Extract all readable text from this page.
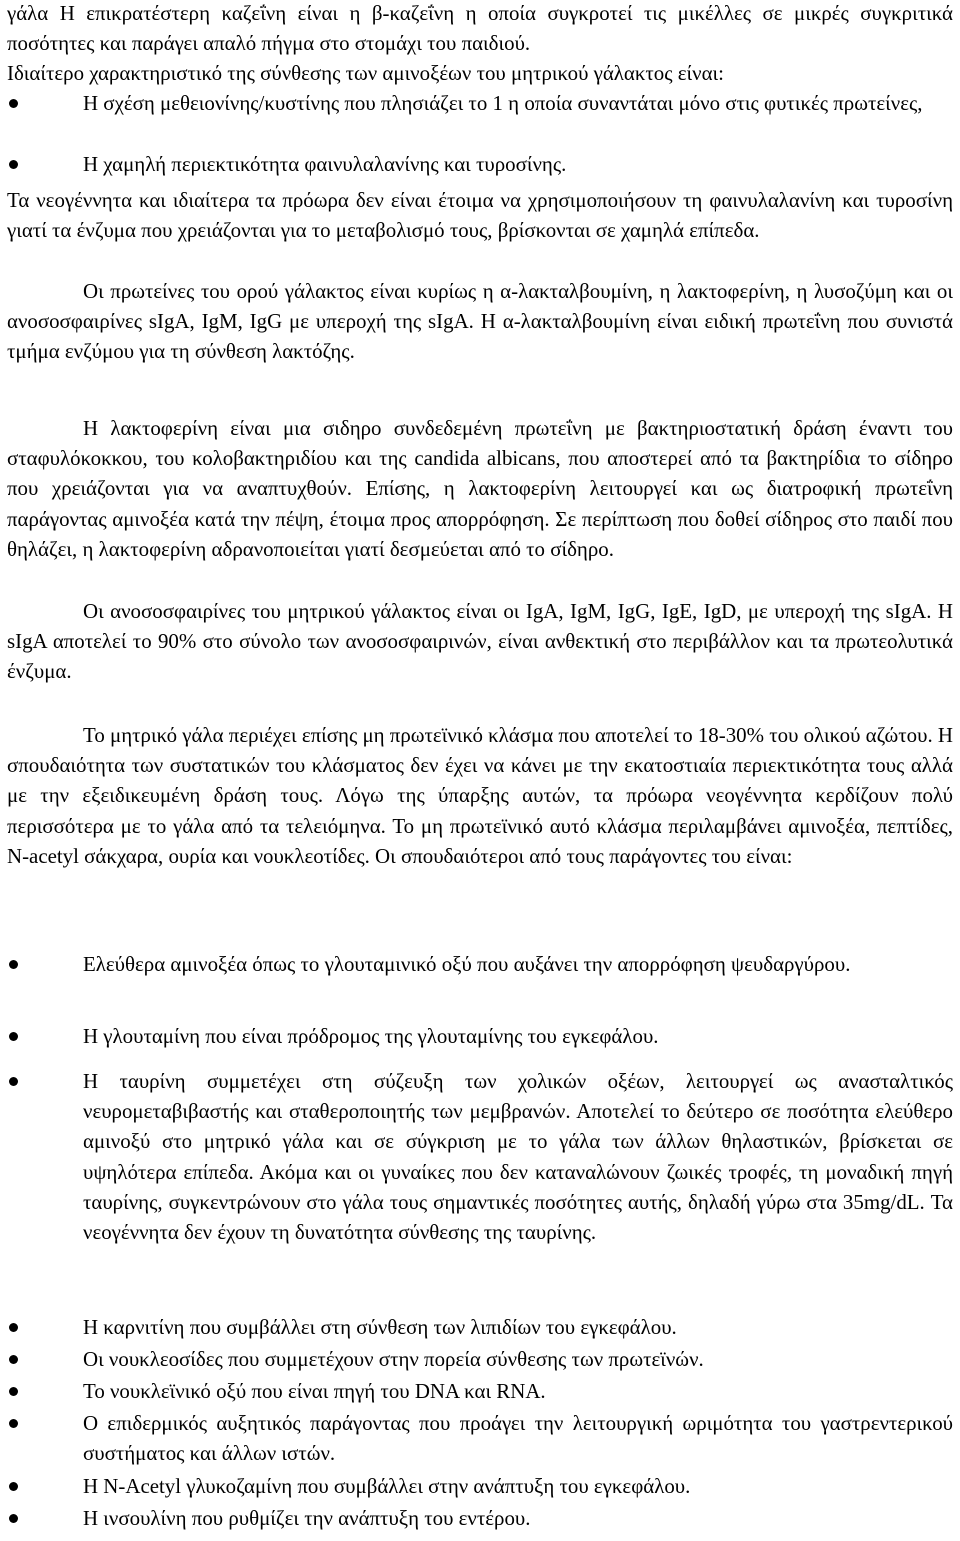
γάλα Η επικρατέστερη καζεΐνη είναι η β-καζεΐνη η οποία συγκροτεί τις μικέλλες σε μικρές συγκριτικά ποσότητες και παράγει απαλό πήγμα στο στομάχι του παιδιού.

Ιδιαίτερο χαρακτηριστικό της σύνθεσης των αμινοξέων του μητρικού γάλακτος είναι:

Η σχέση μεθειονίνης/κυστίνης που πλησιάζει το 1 η οποία συναντάται μόνο στις φυτικές πρωτείνες,
Η χαμηλή περιεκτικότητα φαινυλαλανίνης και τυροσίνης.

Τα νεογέννητα και ιδιαίτερα τα πρόωρα δεν είναι έτοιμα να χρησιμοποιήσουν τη φαινυλαλανίνη και τυροσίνη γιατί τα ένζυμα που χρειάζονται για το μεταβολισμό τους, βρίσκονται σε χαμηλά επίπεδα.

Οι πρωτείνες του ορού γάλακτος είναι κυρίως η α-λακταλβουμίνη, η λακτοφερίνη, η λυσοζύμη και οι ανοσοσφαιρίνες sIgA, IgM, IgG με υπεροχή της sIgA. Η α-λακταλβουμίνη είναι ειδική πρωτεΐνη που συνιστά τμήμα ενζύμου για τη σύνθεση λακτόζης.

Η λακτοφερίνη είναι μια σιδηρο συνδεδεμένη πρωτεΐνη με βακτηριοστατική δράση έναντι του σταφυλόκοκκου, του κολοβακτηριδίου και της candida albicans, που αποστερεί από τα βακτηρίδια το σίδηρο που χρειάζονται για να αναπτυχθούν. Επίσης, η λακτοφερίνη λειτουργεί και ως διατροφική πρωτεΐνη παράγοντας αμινοξέα κατά την πέψη, έτοιμα προς απορρόφηση. Σε περίπτωση που δοθεί σίδηρος στο παιδί που θηλάζει, η λακτοφερίνη αδρανοποιείται γιατί δεσμεύεται από το σίδηρο.

Οι ανοσοσφαιρίνες του μητρικού γάλακτος είναι οι IgA, IgM, IgG, IgE, IgD, με υπεροχή της sIgA. Η sIgA αποτελεί το 90% στο σύνολο των ανοσοσφαιρινών, είναι ανθεκτική στο περιβάλλον και τα πρωτεολυτικά ένζυμα.

Το μητρικό γάλα περιέχει επίσης μη πρωτεϊνικό κλάσμα που αποτελεί το 18-30% του ολικού αζώτου. Η σπουδαιότητα των συστατικών του κλάσματος δεν έχει να κάνει με την εκατοστιαία περιεκτικότητα τους αλλά με την εξειδικευμένη δράση τους. Λόγω της ύπαρξης αυτών, τα πρόωρα νεογέννητα κερδίζουν πολύ περισσότερα με το γάλα από τα τελειόμηνα. Το μη πρωτεϊνικό αυτό κλάσμα περιλαμβάνει αμινοξέα, πεπτίδες, N-acetyl σάκχαρα, ουρία και νουκλεοτίδες. Οι σπουδαιότεροι από τους παράγοντες του είναι:

Ελεύθερα αμινοξέα όπως το γλουταμινικό οξύ που αυξάνει την απορρόφηση ψευδαργύρου.
Η γλουταμίνη που είναι πρόδρομος της γλουταμίνης του εγκεφάλου.
Η ταυρίνη συμμετέχει στη σύζευξη των χολικών οξέων, λειτουργεί ως ανασταλτικός νευρομεταβιβαστής και σταθεροποιητής των μεμβρανών. Αποτελεί το δεύτερο σε ποσότητα ελεύθερο αμινοξύ στο μητρικό γάλα και σε σύγκριση με το γάλα των άλλων θηλαστικών, βρίσκεται σε υψηλότερα επίπεδα. Ακόμα και οι γυναίκες που δεν καταναλώνουν ζωικές τροφές, τη μοναδική πηγή ταυρίνης, συγκεντρώνουν στο γάλα τους σημαντικές ποσότητες αυτής, δηλαδή γύρω στα 35mg/dL. Τα νεογέννητα δεν έχουν τη δυνατότητα σύνθεσης της ταυρίνης.
Η καρνιτίνη που συμβάλλει στη σύνθεση των λιπιδίων του εγκεφάλου.
Οι νουκλεοσίδες που συμμετέχουν στην πορεία σύνθεσης των πρωτεϊνών.
Το νουκλεϊνικό οξύ που είναι πηγή του DNA και RNA.
Ο επιδερμικός αυξητικός παράγοντας που προάγει την λειτουργική ωριμότητα του γαστρεντερικού συστήματος και άλλων ιστών.
Η N-Acetyl γλυκοζαμίνη που συμβάλλει στην ανάπτυξη του εγκεφάλου.
Η ινσουλίνη που ρυθμίζει την ανάπτυξη του εντέρου.
